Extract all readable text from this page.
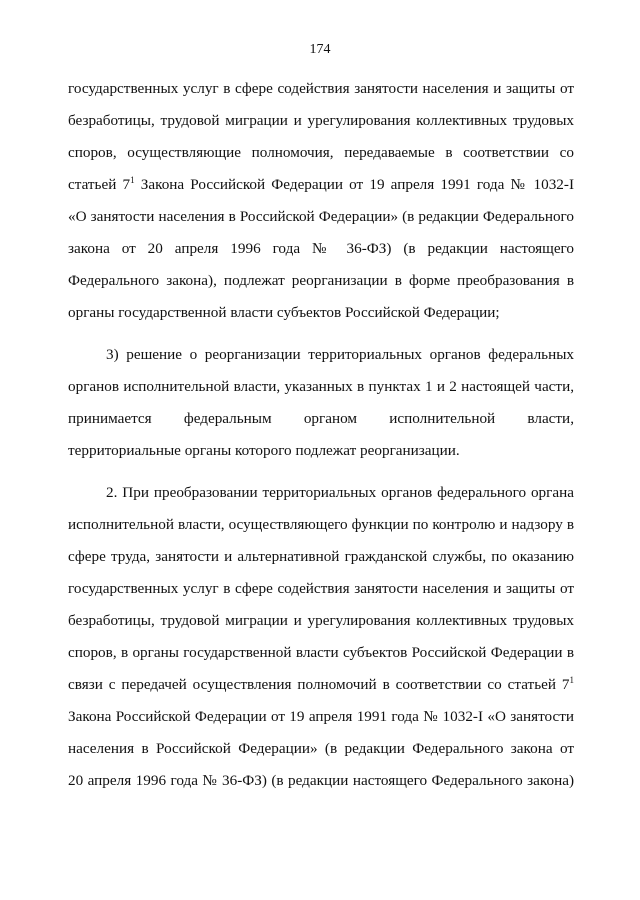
174
государственных услуг в сфере содействия занятости населения и защиты от
безработицы, трудовой миграции и урегулирования коллективных трудовых
споров, осуществляющие полномочия, передаваемые в соответствии со
статьей $7^1$ Закона Российской Федерации от 19 апреля 1991 года № 1032-I
«О занятости населения в Российской Федерации» (в редакции Федерального
закона от 20 апреля 1996 года № 36-ФЗ) (в редакции настоящего
Федерального закона), подлежат реорганизации в форме преобразования в
органы государственной власти субъектов Российской Федерации;
3) решение о реорганизации территориальных органов федеральных
органов исполнительной власти, указанных в пунктах 1 и 2 настоящей части,
принимается федеральным органом исполнительной власти,
территориальные органы которого подлежат реорганизации.
2. При преобразовании территориальных органов федерального органа
исполнительной власти, осуществляющего функции по контролю и надзору в
сфере труда, занятости и альтернативной гражданской службы, по оказанию
государственных услуг в сфере содействия занятости населения и защиты от
безработицы, трудовой миграции и урегулирования коллективных трудовых
споров, в органы государственной власти субъектов Российской Федерации в
связи с передачей осуществления полномочий в соответствии со статьей $7^1$
Закона Российской Федерации от 19 апреля 1991 года № 1032-I «О занятости
населения в Российской Федерации» (в редакции Федерального закона от
20 апреля 1996 года № 36-ФЗ) (в редакции настоящего Федерального закона)
